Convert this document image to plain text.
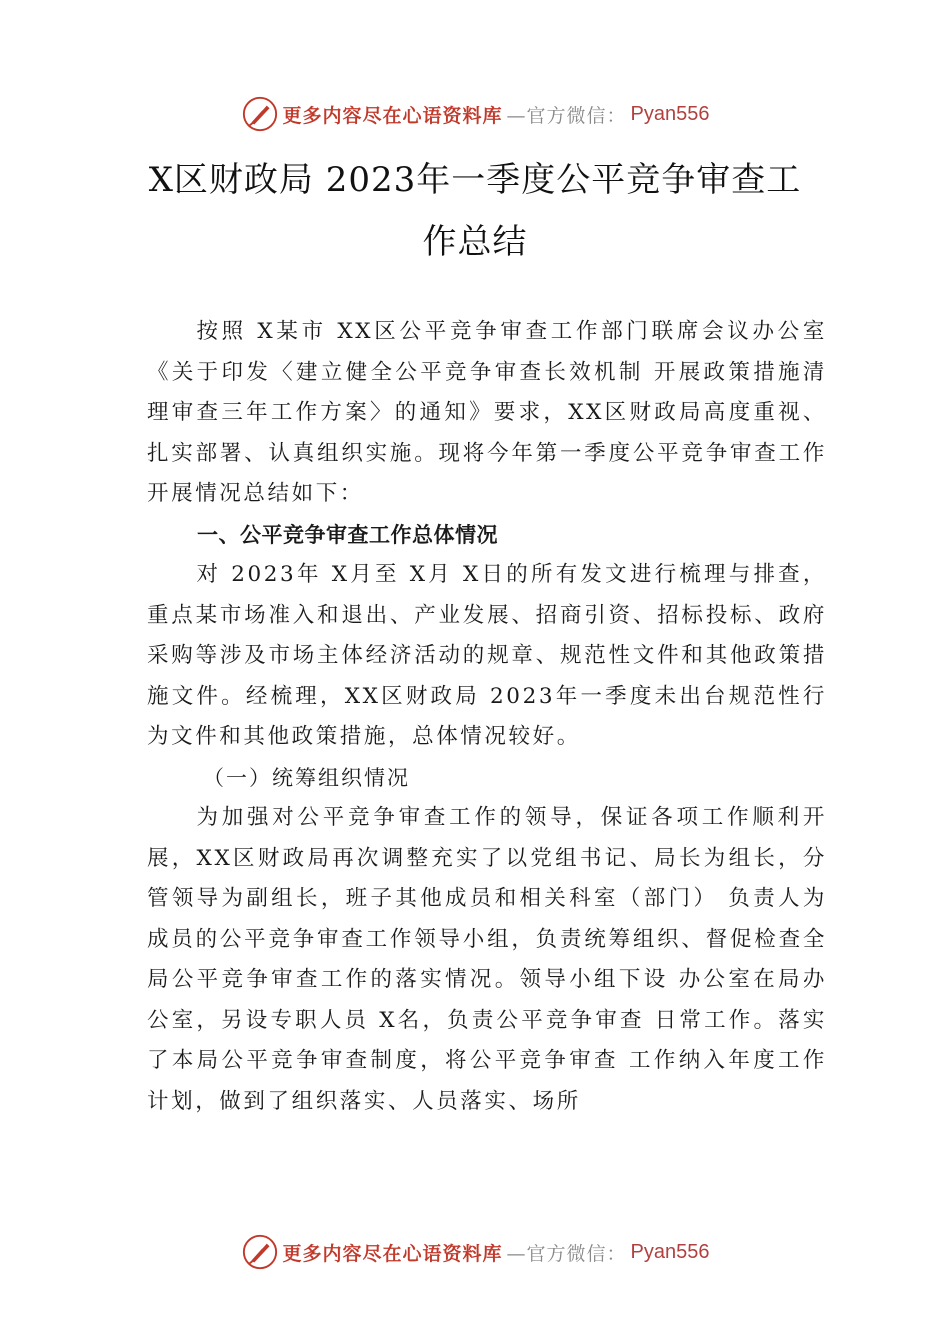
更多内容尽在心语资料库 —官方微信： Pyan556
X区财政局 2023年一季度公平竞争审查工
作总结

按照 X某市 XX区公平竞争审查工作部门联席会议办公室《关于印发〈建立健全公平竞争审查长效机制 开展政策措施清理审查三年工作方案〉的通知》要求，XX区财政局高度重视、扎实部署、认真组织实施。现将今年第一季度公平竞争审查工作开展情况总结如下：

一、公平竞争审查工作总体情况

对 2023年 X月至 X月 X日的所有发文进行梳理与排查，重点某市场准入和退出、产业发展、招商引资、招标投标、政府采购等涉及市场主体经济活动的规章、规范性文件和其他政策措施文件。经梳理，XX区财政局 2023年一季度未出台规范性行为文件和其他政策措施，总体情况较好。

（一）统筹组织情况

为加强对公平竞争审查工作的领导，保证各项工作顺利开展，XX区财政局再次调整充实了以党组书记、局长为组长，分管领导为副组长，班子其他成员和相关科室（部门） 负责人为成员的公平竞争审查工作领导小组，负责统筹组织、督促检查全局公平竞争审查工作的落实情况。领导小组下设 办公室在局办公室，另设专职人员 X名，负责公平竞争审查 日常工作。落实了本局公平竞争审查制度，将公平竞争审查 工作纳入年度工作计划，做到了组织落实、人员落实、场所

更多内容尽在心语资料库 —官方微信： Pyan556
